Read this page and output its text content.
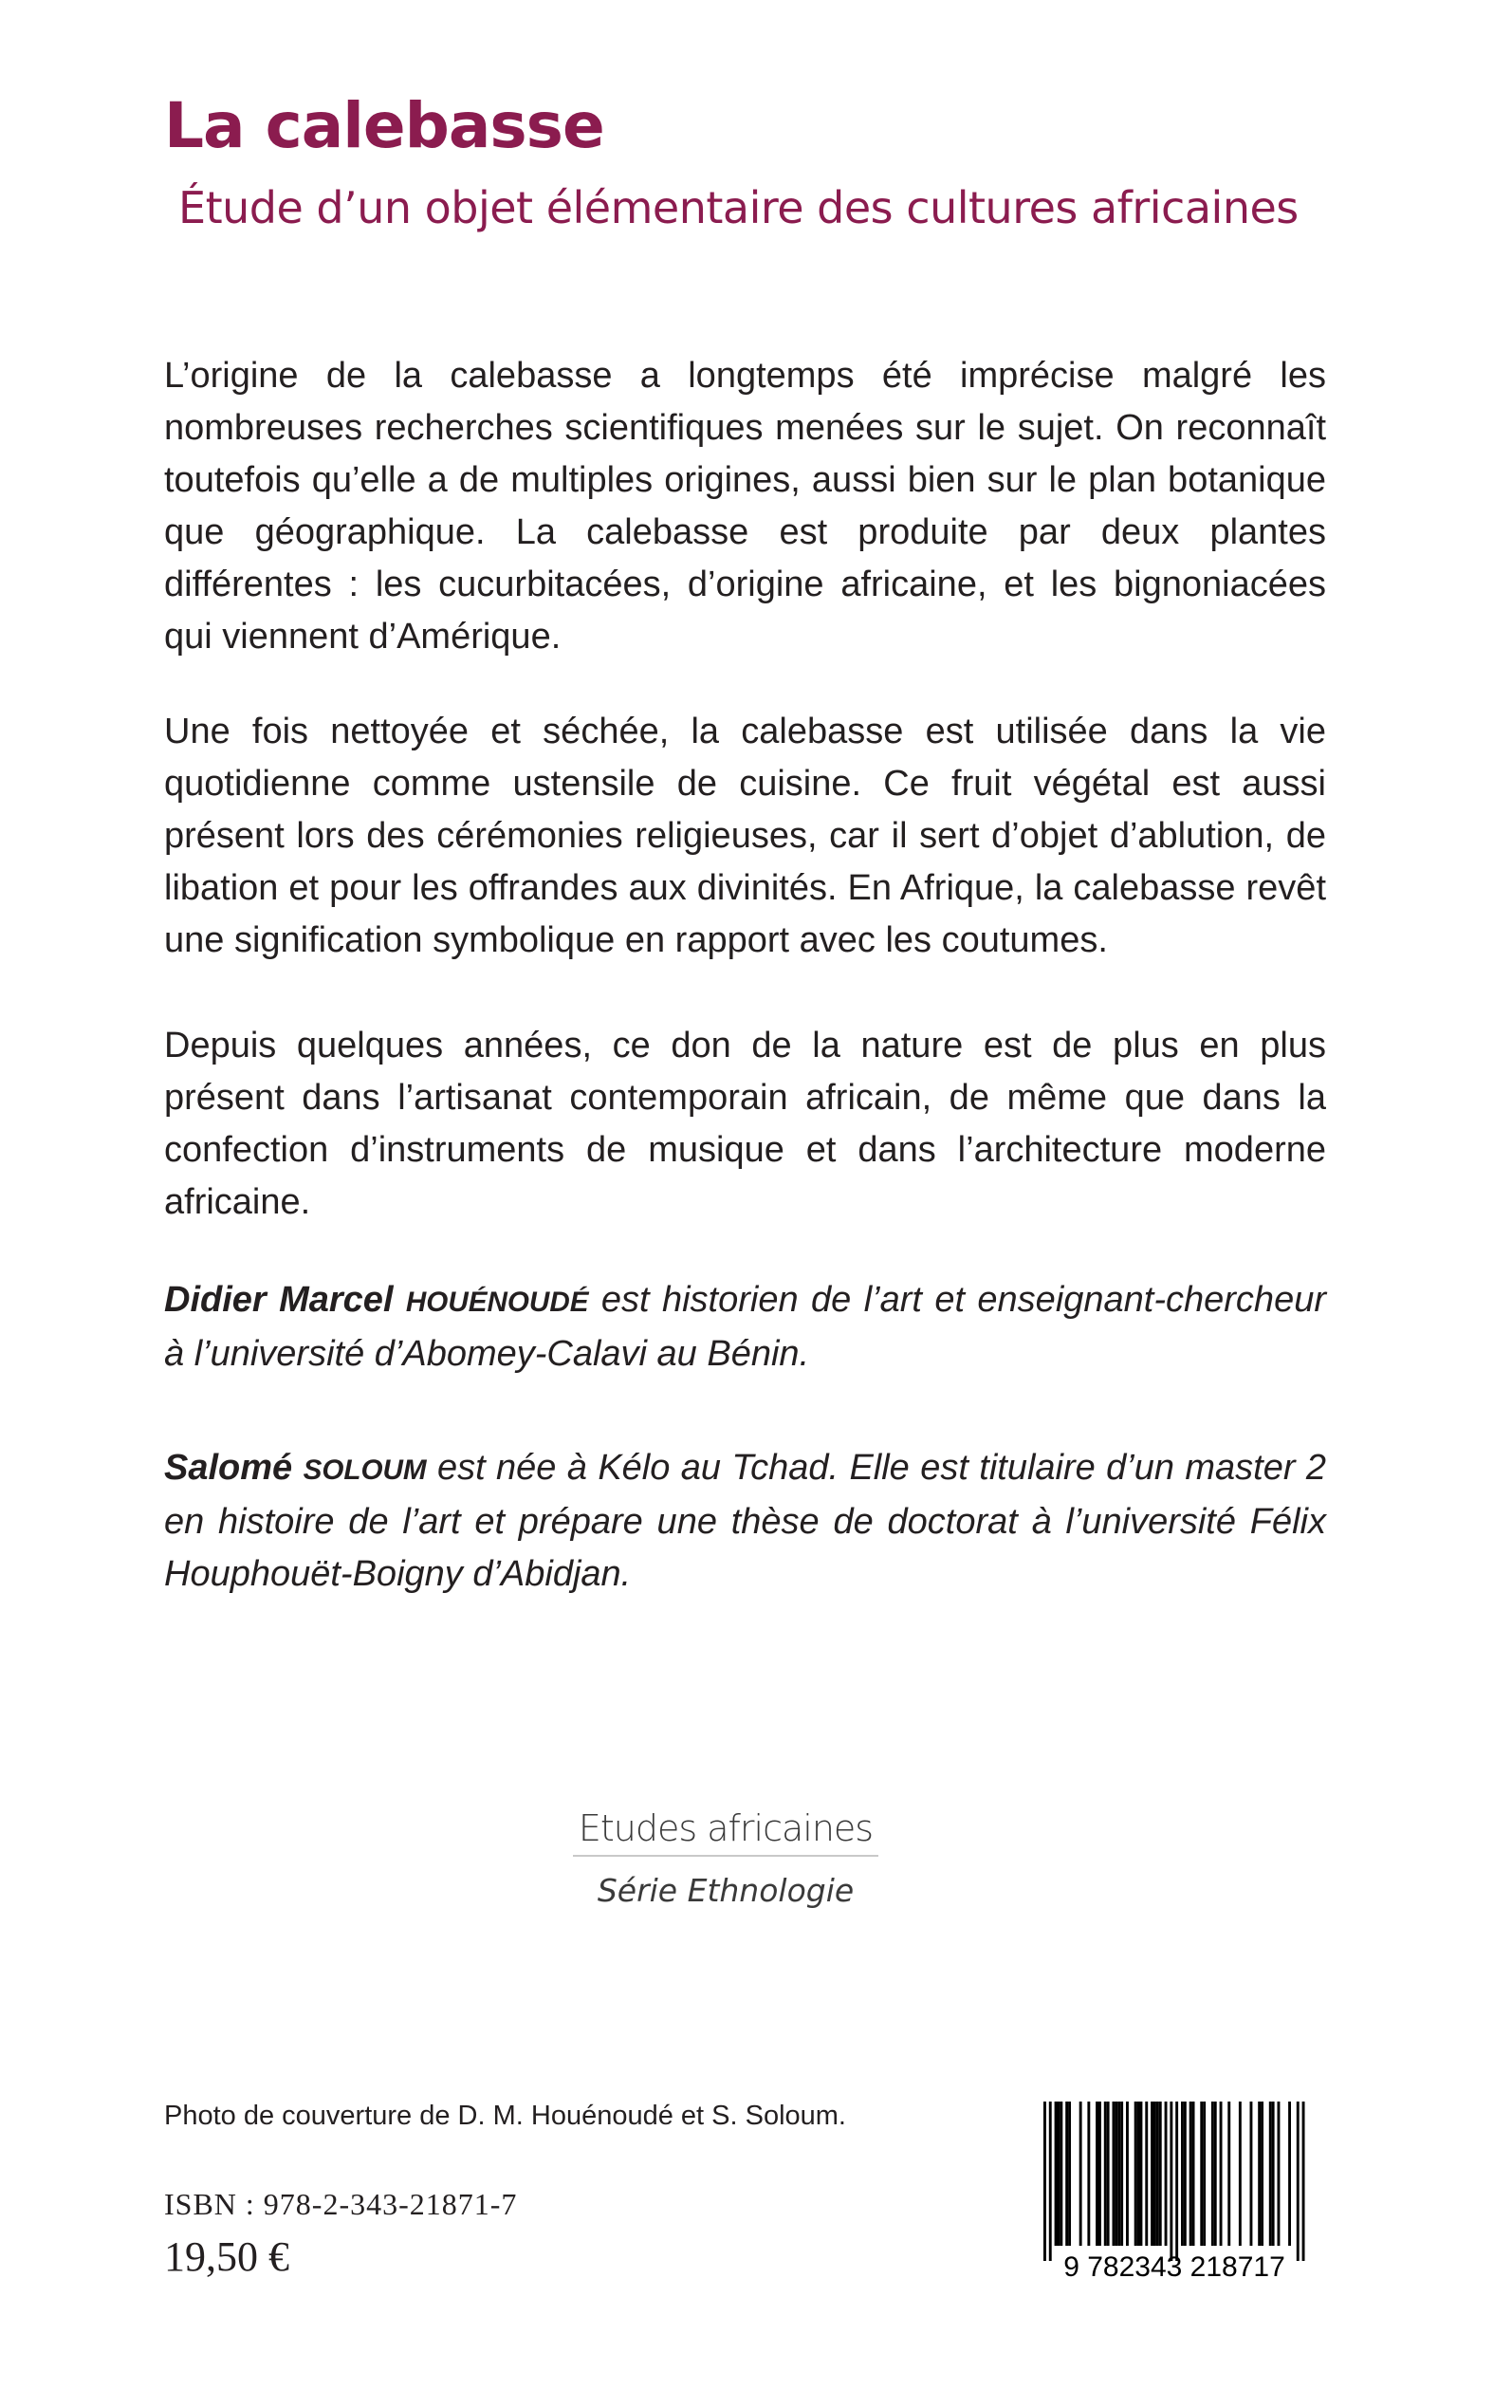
La calebasse
Étude d’un objet élémentaire des cultures africaines

L’origine de la calebasse a longtemps été imprécise malgré les nombreuses recherches scientifiques menées sur le sujet. On reconnaît toutefois qu’elle a de multiples origines, aussi bien sur le plan botanique que géographique. La calebasse est produite par deux plantes différentes : les cucurbitacées, d’origine africaine, et les bignoniacées qui viennent d’Amérique.

Une fois nettoyée et séchée, la calebasse est utilisée dans la vie quotidienne comme ustensile de cuisine. Ce fruit végétal est aussi présent lors des cérémonies religieuses, car il sert d’objet d’ablution, de libation et pour les offrandes aux divinités. En Afrique, la calebasse revêt une signification symbolique en rapport avec les coutumes.

Depuis quelques années, ce don de la nature est de plus en plus présent dans l’artisanat contemporain africain, de même que dans la confection d’instruments de musique et dans l’architecture moderne africaine.

Didier Marcel HOUÉNOUDÉ est historien de l’art et enseignant-chercheur à l’université d’Abomey-Calavi au Bénin.

Salomé SOLOUM est née à Kélo au Tchad. Elle est titulaire d’un master 2 en histoire de l’art et prépare une thèse de doctorat à l’université Félix Houphouët-Boigny d’Abidjan.

Etudes africaines
Série Ethnologie
Photo de couverture de D. M. Houénoudé et S. Soloum.
ISBN : 978-2-343-21871-7
19,50 €	9 782343 218717
